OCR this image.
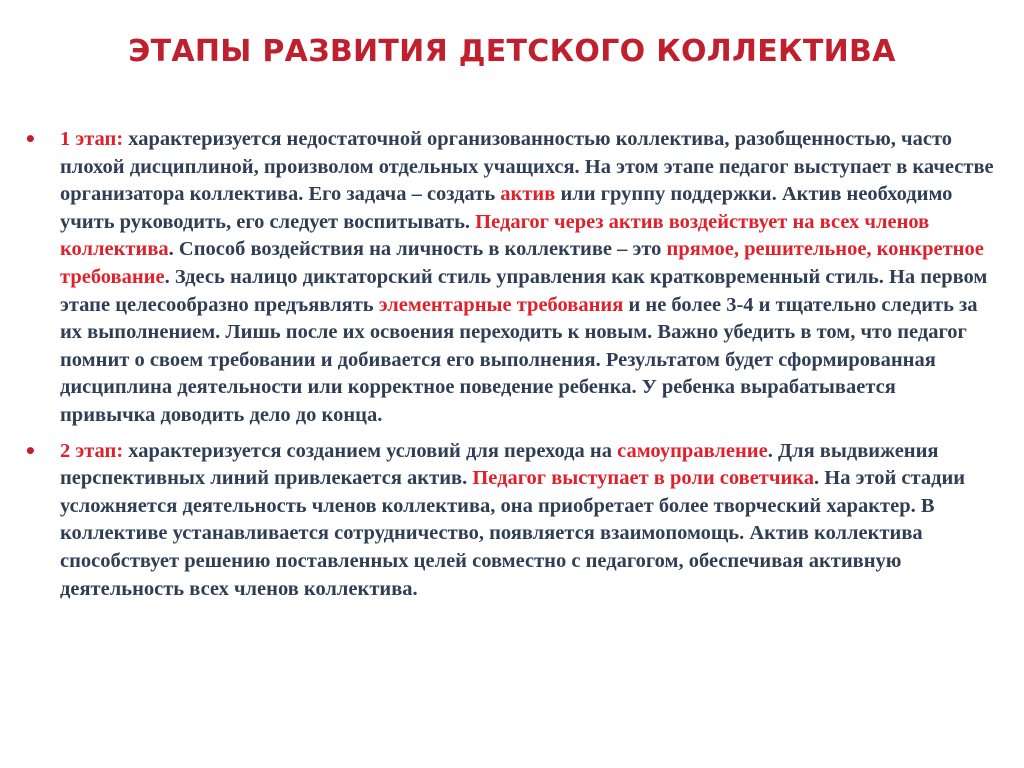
ЭТАПЫ РАЗВИТИЯ ДЕТСКОГО КОЛЛЕКТИВА
• 1 этап: характеризуется недостаточной организованностью коллектива, разобщенностью, часто плохой дисциплиной, произволом отдельных учащихся. На этом этапе педагог выступает в качестве организатора коллектива. Его задача – создать актив или группу поддержки. Актив необходимо учить руководить, его следует воспитывать. Педагог через актив воздействует на всех членов коллектива. Способ воздействия на личность в коллективе – это прямое, решительное, конкретное требование. Здесь налицо диктаторский стиль управления как кратковременный стиль. На первом этапе целесообразно предъявлять элементарные требования и не более 3-4 и тщательно следить за их выполнением. Лишь после их освоения переходить к новым. Важно убедить в том, что педагог помнит о своем требовании и добивается его выполнения. Результатом будет сформированная дисциплина деятельности или корректное поведение ребенка. У ребенка вырабатывается привычка доводить дело до конца.
• 2 этап: характеризуется созданием условий для перехода на самоуправление. Для выдвижения перспективных линий привлекается актив. Педагог выступает в роли советчика. На этой стадии усложняется деятельность членов коллектива, она приобретает более творческий характер. В коллективе устанавливается сотрудничество, появляется взаимопомощь. Актив коллектива способствует решению поставленных целей совместно с педагогом, обеспечивая активную деятельность всех членов коллектива.
